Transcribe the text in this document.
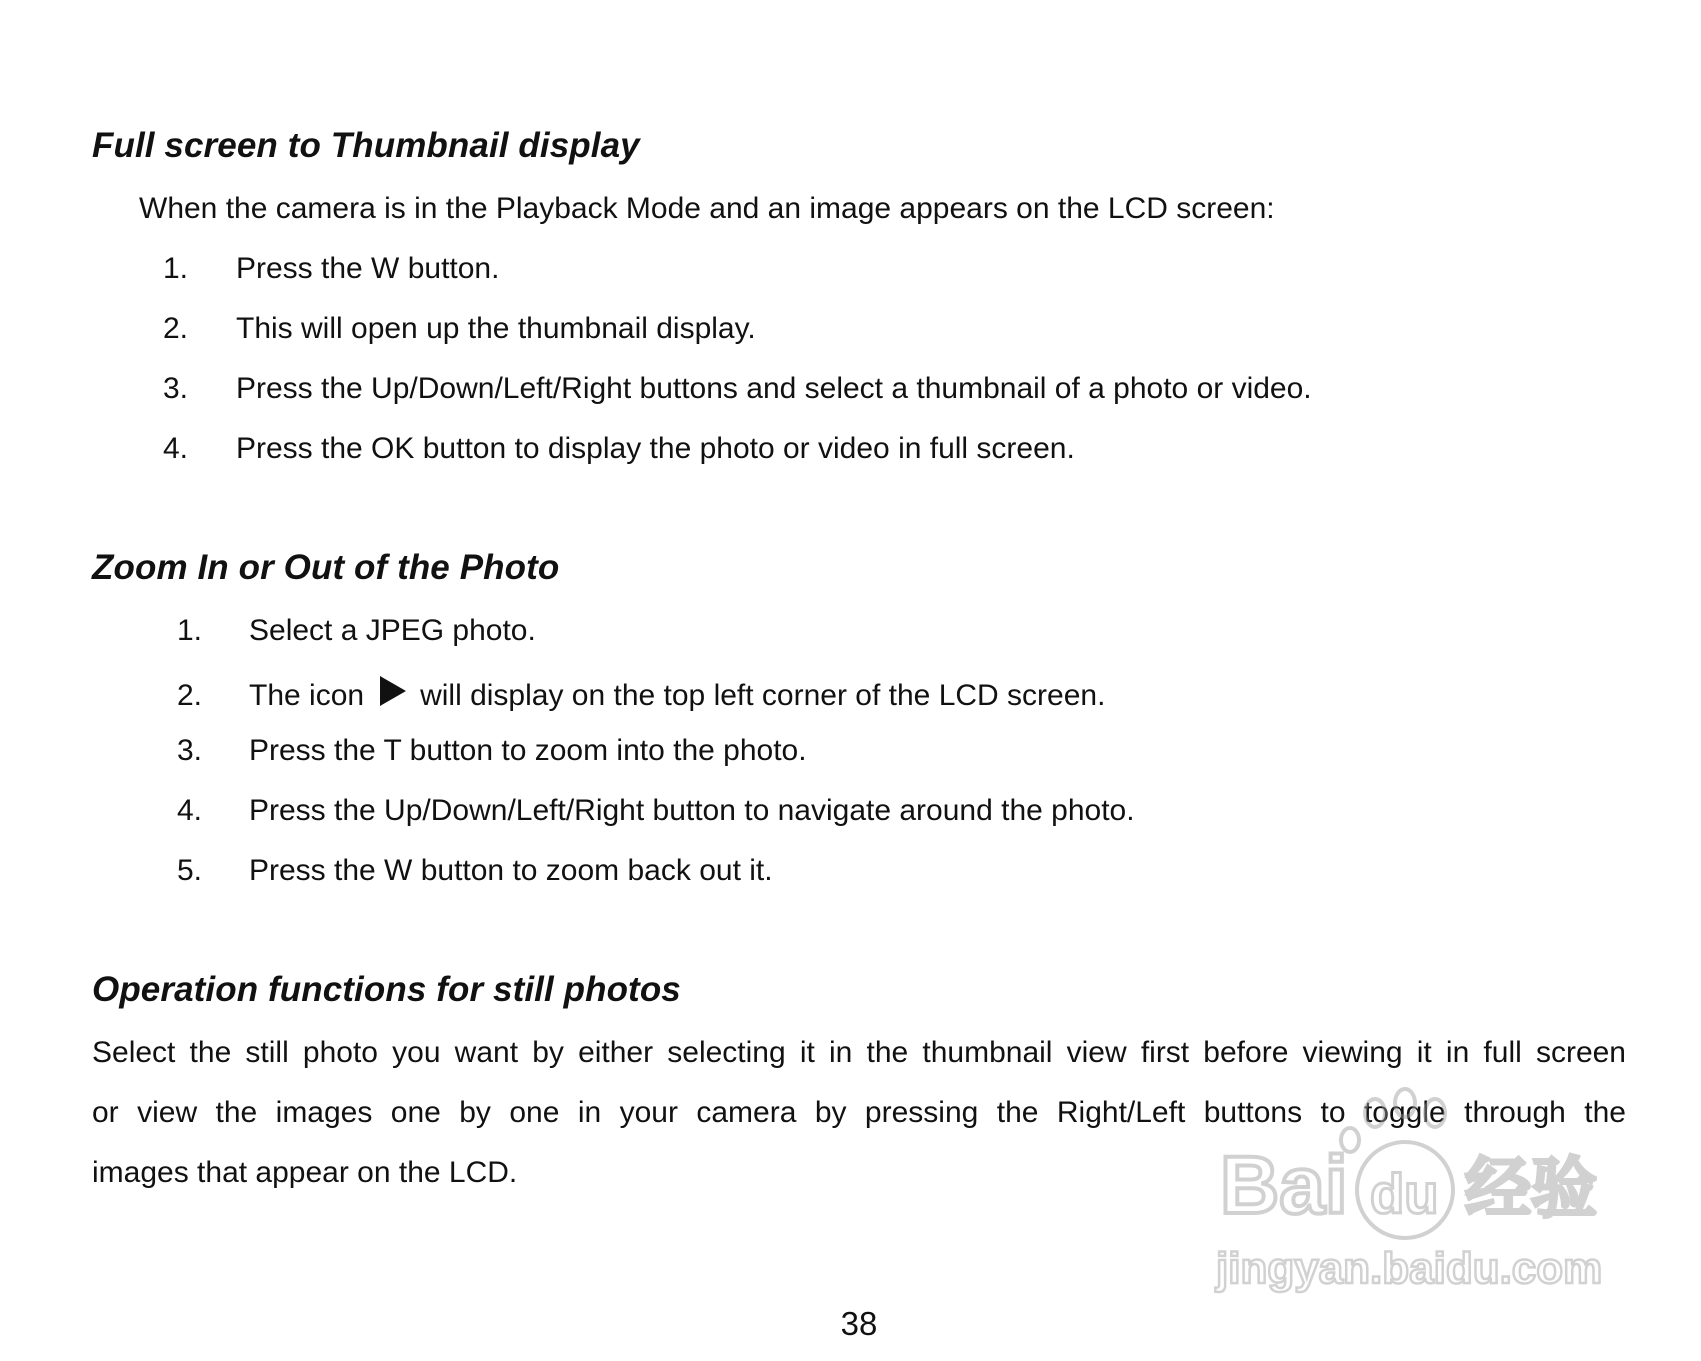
Full screen to Thumbnail display
When the camera is in the Playback Mode and an image appears on the LCD screen:
1. Press the W button.
2. This will open up the thumbnail display.
3. Press the Up/Down/Left/Right buttons and select a thumbnail of a photo or video.
4. Press the OK button to display the photo or video in full screen.
Zoom In or Out of the Photo
1. Select a JPEG photo.
2. The icon will display on the top left corner of the LCD screen.
3. Press the T button to zoom into the photo.
4. Press the Up/Down/Left/Right button to navigate around the photo.
5. Press the W button to zoom back out it.
Operation functions for still photos
Select the still photo you want by either selecting it in the thumbnail view first before viewing it in full screen
or view the images one by one in your camera by pressing the Right/Left buttons to toggle through the
images that appear on the LCD.	Bai du 经验
jingyan.baidu.com
38
